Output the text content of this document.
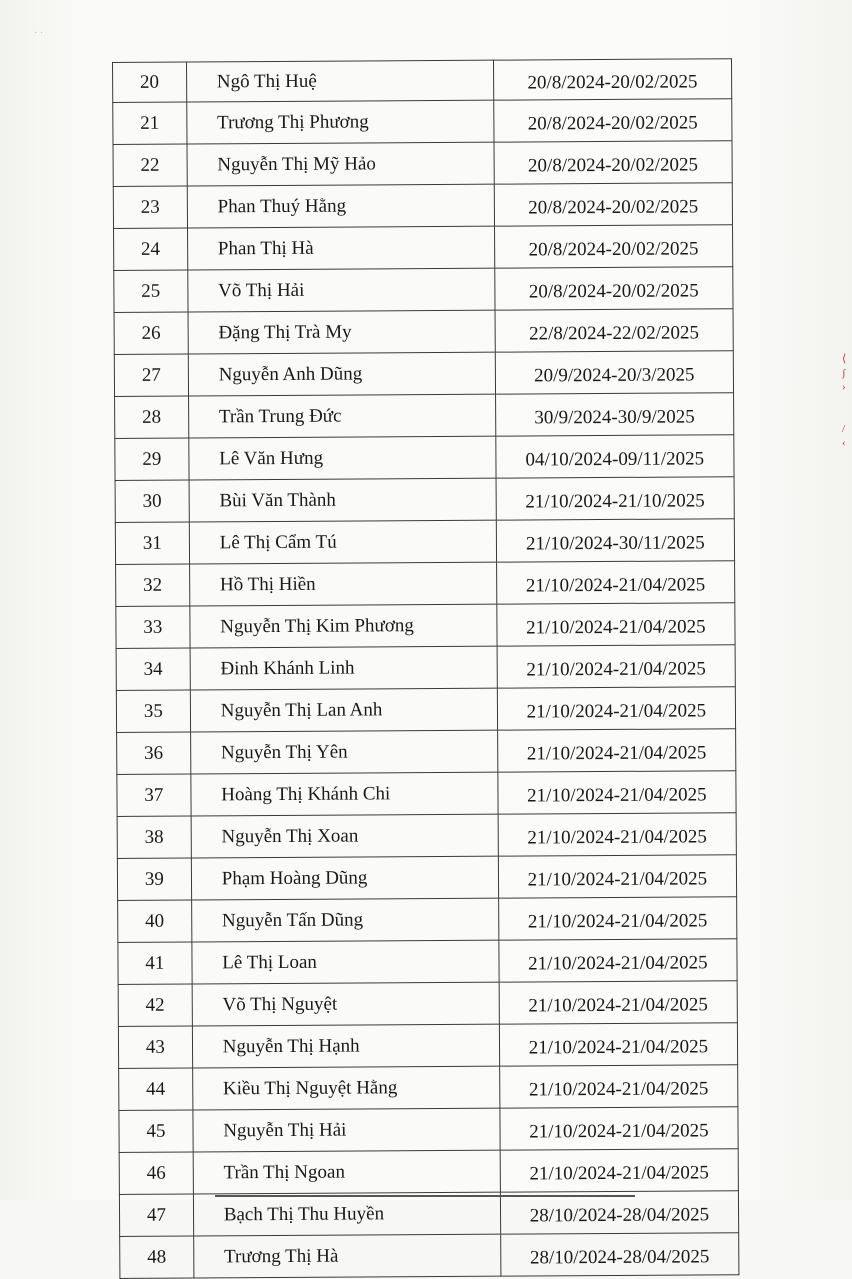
· ·
20	Ngô Thị Huệ	20/8/2024-20/02/2025
21	Trương Thị Phương	20/8/2024-20/02/2025
22	Nguyễn Thị Mỹ Hảo	20/8/2024-20/02/2025
23	Phan Thuý Hằng	20/8/2024-20/02/2025
24	Phan Thị Hà	20/8/2024-20/02/2025
25	Võ Thị Hải	20/8/2024-20/02/2025
26	Đặng Thị Trà My	22/8/2024-22/02/2025
27	Nguyễn Anh Dũng	20/9/2024-20/3/2025
28	Trần Trung Đức	30/9/2024-30/9/2025
29	Lê Văn Hưng	04/10/2024-09/11/2025
30	Bùi Văn Thành	21/10/2024-21/10/2025
31	Lê Thị Cẩm Tú	21/10/2024-30/11/2025
32	Hồ Thị Hiền	21/10/2024-21/04/2025
33	Nguyễn Thị Kim Phương	21/10/2024-21/04/2025
34	Đinh Khánh Linh	21/10/2024-21/04/2025
35	Nguyễn Thị Lan Anh	21/10/2024-21/04/2025
36	Nguyễn Thị Yên	21/10/2024-21/04/2025
37	Hoàng Thị Khánh Chi	21/10/2024-21/04/2025
38	Nguyễn Thị Xoan	21/10/2024-21/04/2025
39	Phạm Hoàng Dũng	21/10/2024-21/04/2025
40	Nguyễn Tấn Dũng	21/10/2024-21/04/2025
41	Lê Thị Loan	21/10/2024-21/04/2025
42	Võ Thị Nguyệt	21/10/2024-21/04/2025
43	Nguyễn Thị Hạnh	21/10/2024-21/04/2025
44	Kiều Thị Nguyệt Hằng	21/10/2024-21/04/2025
45	Nguyễn Thị Hải	21/10/2024-21/04/2025
46	Trần Thị Ngoan	21/10/2024-21/04/2025
47	Bạch Thị Thu Huyền	28/10/2024-28/04/2025
48	Trương Thị Hà	28/10/2024-28/04/2025
⟨
ʃ
›

/
‹
